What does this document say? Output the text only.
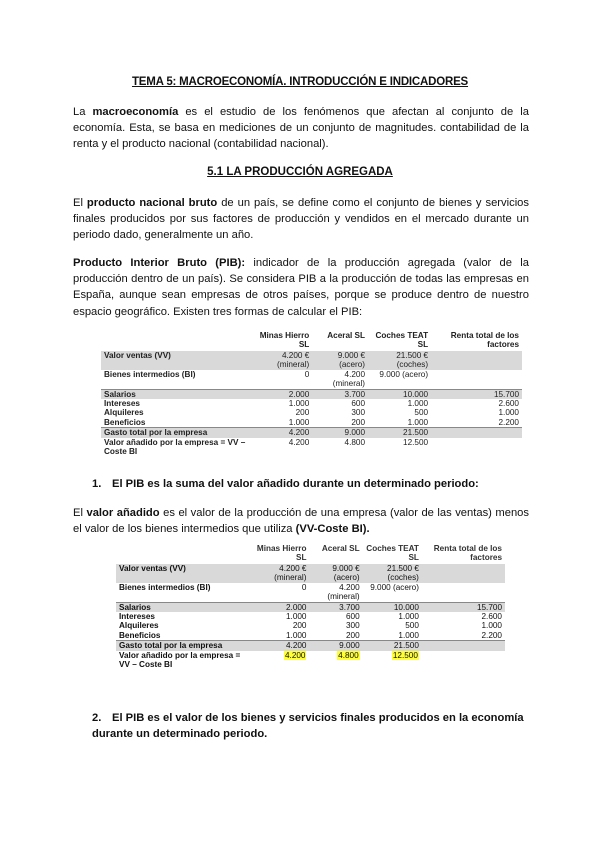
TEMA 5: MACROECONOMÍA. INTRODUCCIÓN E INDICADORES

La macroeconomía es el estudio de los fenómenos que afectan al conjunto de la economía. Esta, se basa en mediciones de un conjunto de magnitudes. contabilidad de la renta y el producto nacional (contabilidad nacional).

5.1 LA PRODUCCIÓN AGREGADA

El producto nacional bruto de un país, se define como el conjunto de bienes y servicios finales producidos por sus factores de producción y vendidos en el mercado durante un periodo dado, generalmente un año.

Producto Interior Bruto (PIB): indicador de la producción agregada (valor de la producción dentro de un país). Se considera PIB a la producción de todas las empresas en España, aunque sean empresas de otros países, porque se produce dentro de nuestro espacio geográfico. Existen tres formas de calcular el PIB:

	Minas Hierro SL	Aceral SL	Coches TEAT SL	Renta total de los factores
Valor ventas (VV)	4.200 € (mineral)	9.000 € (acero)	21.500 € (coches)	
Bienes intermedios (BI)	0	4.200 (mineral)	9.000 (acero)	
Salarios	2.000	3.700	10.000	15.700
Intereses	1.000	600	1.000	2.600
Alquileres	200	300	500	1.000
Beneficios	1.000	200	1.000	2.200
Gasto total por la empresa	4.200	9.000	21.500	
Valor añadido por la empresa = VV – Coste BI	4.200	4.800	12.500	
1. El PIB es la suma del valor añadido durante un determinado periodo:

El valor añadido es el valor de la producción de una empresa (valor de las ventas) menos el valor de los bienes intermedios que utiliza (VV-Coste BI).

	Minas Hierro SL	Aceral SL	Coches TEAT SL	Renta total de los factores
Valor ventas (VV)	4.200 € (mineral)	9.000 € (acero)	21.500 € (coches)	
Bienes intermedios (BI)	0	4.200 (mineral)	9.000 (acero)	
Salarios	2.000	3.700	10.000	15.700
Intereses	1.000	600	1.000	2.600
Alquileres	200	300	500	1.000
Beneficios	1.000	200	1.000	2.200
Gasto total por la empresa	4.200	9.000	21.500	
Valor añadido por la empresa = VV – Coste BI	4.200	4.800	12.500	
2. El PIB es el valor de los bienes y servicios finales producidos en la economía durante un determinado periodo.
